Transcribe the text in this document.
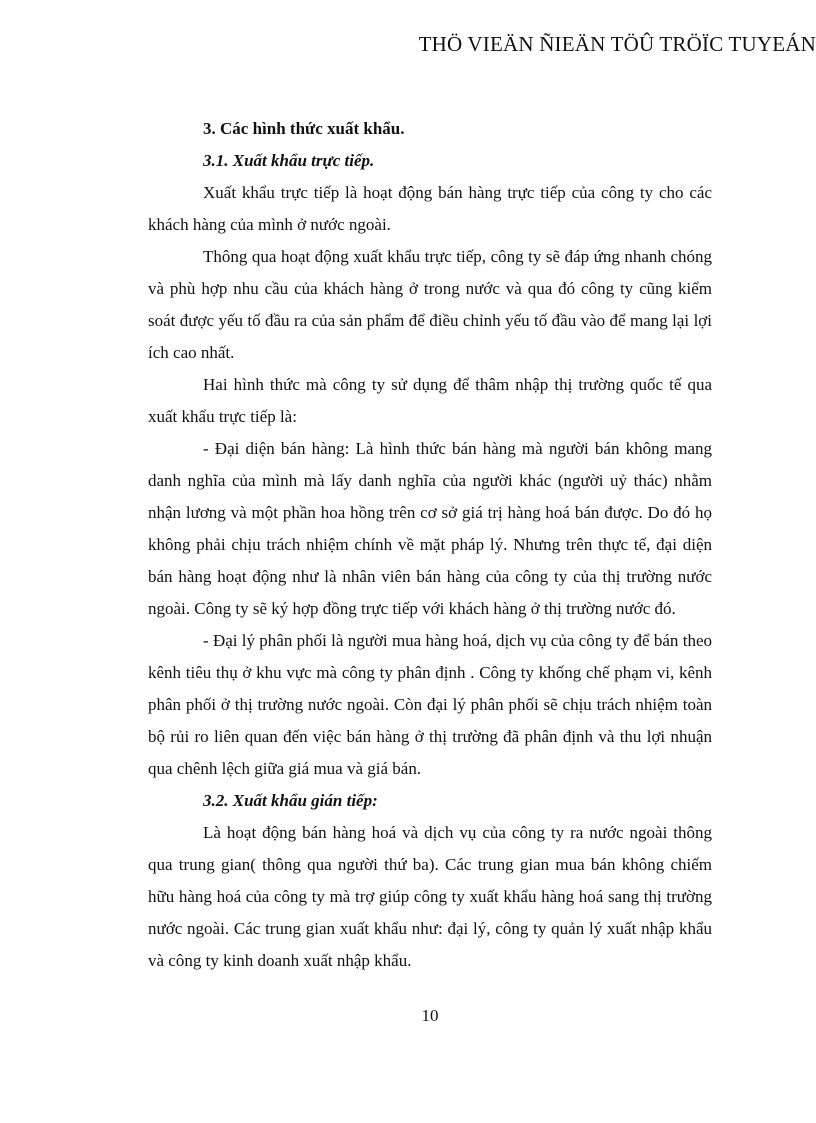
THÖ VIEÄN ÑIEÄN TÖÛ TRÖÏC TUYEÁN
3. Các hình thức xuất khẩu.
3.1. Xuất khẩu trực tiếp.

Xuất khẩu trực tiếp là hoạt động bán hàng trực tiếp của công ty cho các khách hàng của mình ở nước ngoài.

Thông qua hoạt động xuất khẩu trực tiếp, công ty sẽ đáp ứng nhanh chóng và phù hợp nhu cầu của khách hàng ở trong nước và qua đó công ty cũng kiểm soát được yếu tố đầu ra của sản phẩm để điều chỉnh yếu tố đầu vào để mang lại lợi ích cao nhất.

Hai hình thức mà công ty sử dụng để thâm nhập thị trường quốc tế qua xuất khẩu trực tiếp là:

- Đại diện bán hàng: Là hình thức bán hàng mà người bán không mang danh nghĩa của mình mà lấy danh nghĩa của người khác (người uỷ thác) nhằm nhận lương và một phần hoa hồng trên cơ sở giá trị hàng hoá bán được. Do đó họ không phải chịu trách nhiệm chính về mặt pháp lý. Nhưng trên thực tế, đại diện bán hàng hoạt động như là nhân viên bán hàng của công ty của thị trường nước ngoài. Công ty sẽ ký hợp đồng trực tiếp với khách hàng ở thị trường nước đó.

- Đại lý phân phối là người mua hàng hoá, dịch vụ của công ty để bán theo kênh tiêu thụ ở khu vực mà công ty phân định . Công ty khống chế phạm vi, kênh phân phối ở thị trường nước ngoài. Còn đại lý phân phối sẽ chịu trách nhiệm toàn bộ rủi ro liên quan đến việc bán hàng ở thị trường đã phân định và thu lợi nhuận qua chênh lệch giữa giá mua và giá bán.

3.2. Xuất khẩu gián tiếp:

Là hoạt động bán hàng hoá và dịch vụ của công ty ra nước ngoài thông qua trung gian( thông qua người thứ ba). Các trung gian mua bán không chiếm hữu hàng hoá của công ty mà trợ giúp công ty xuất khẩu hàng hoá sang thị trường nước ngoài. Các trung gian xuất khẩu như: đại lý, công ty quản lý xuất nhập khẩu và công ty kinh doanh xuất nhập khẩu.

10
